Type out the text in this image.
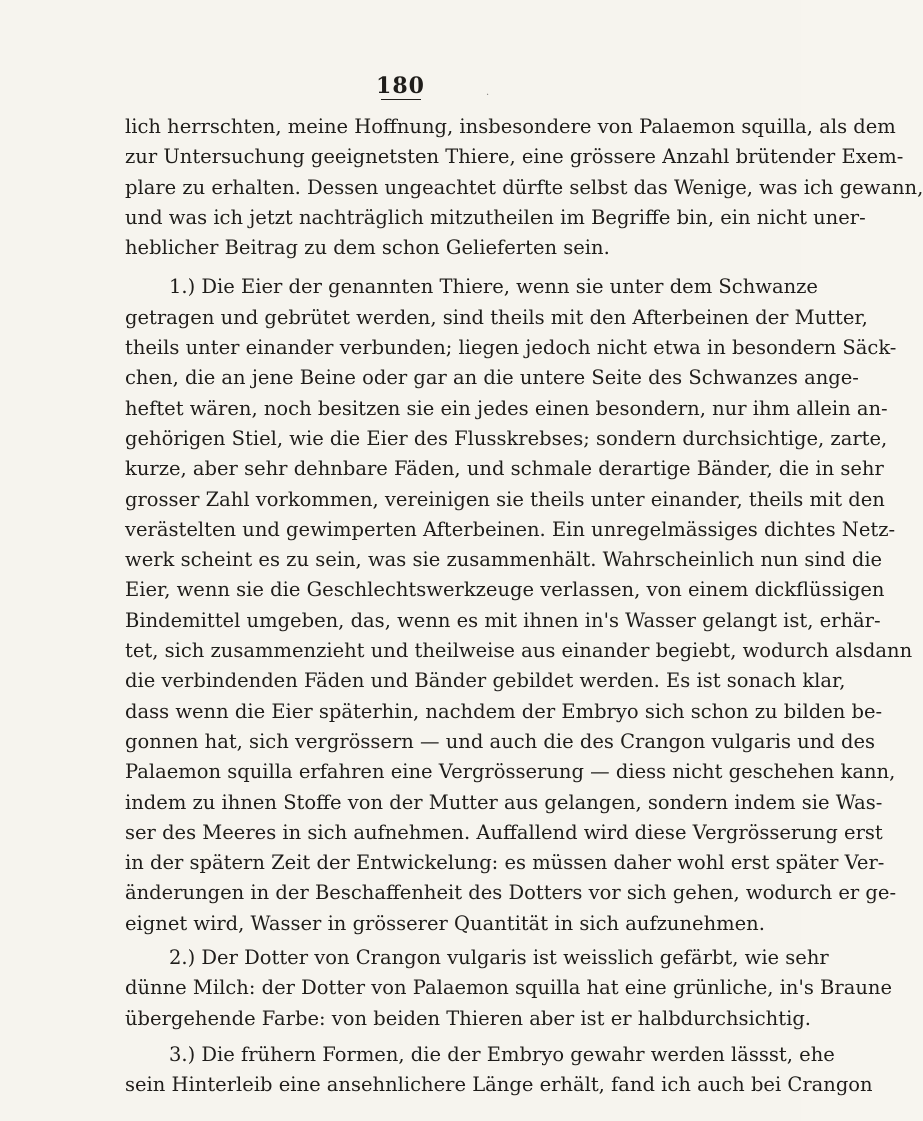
180	·
lich herrschten, meine Hoffnung, insbesondere von Palaemon squilla, als dem
zur Untersuchung geeignetsten Thiere, eine grössere Anzahl brütender Exem-
plare zu erhalten. Dessen ungeachtet dürfte selbst das Wenige, was ich gewann,
und was ich jetzt nachträglich mitzutheilen im Begriffe bin, ein nicht uner-
heblicher Beitrag zu dem schon Gelieferten sein.
1.) Die Eier der genannten Thiere, wenn sie unter dem Schwanze
getragen und gebrütet werden, sind theils mit den Afterbeinen der Mutter,
theils unter einander verbunden; liegen jedoch nicht etwa in besondern Säck-
chen, die an jene Beine oder gar an die untere Seite des Schwanzes ange-
heftet wären, noch besitzen sie ein jedes einen besondern, nur ihm allein an-
gehörigen Stiel, wie die Eier des Flusskrebses; sondern durchsichtige, zarte,
kurze, aber sehr dehnbare Fäden, und schmale derartige Bänder, die in sehr
grosser Zahl vorkommen, vereinigen sie theils unter einander, theils mit den
verästelten und gewimperten Afterbeinen. Ein unregelmässiges dichtes Netz-
werk scheint es zu sein, was sie zusammenhält. Wahrscheinlich nun sind die
Eier, wenn sie die Geschlechtswerkzeuge verlassen, von einem dickflüssigen
Bindemittel umgeben, das, wenn es mit ihnen in's Wasser gelangt ist, erhär-
tet, sich zusammenzieht und theilweise aus einander begiebt, wodurch alsdann
die verbindenden Fäden und Bänder gebildet werden. Es ist sonach klar,
dass wenn die Eier späterhin, nachdem der Embryo sich schon zu bilden be-
gonnen hat, sich vergrössern — und auch die des Crangon vulgaris und des
Palaemon squilla erfahren eine Vergrösserung — diess nicht geschehen kann,
indem zu ihnen Stoffe von der Mutter aus gelangen, sondern indem sie Was-
ser des Meeres in sich aufnehmen. Auffallend wird diese Vergrösserung erst
in der spätern Zeit der Entwickelung: es müssen daher wohl erst später Ver-
änderungen in der Beschaffenheit des Dotters vor sich gehen, wodurch er ge-
eignet wird, Wasser in grösserer Quantität in sich aufzunehmen.
2.) Der Dotter von Crangon vulgaris ist weisslich gefärbt, wie sehr
dünne Milch: der Dotter von Palaemon squilla hat eine grünliche, in's Braune
übergehende Farbe: von beiden Thieren aber ist er halbdurchsichtig.
3.) Die frühern Formen, die der Embryo gewahr werden lässst, ehe
sein Hinterleib eine ansehnlichere Länge erhält, fand ich auch bei Crangon
